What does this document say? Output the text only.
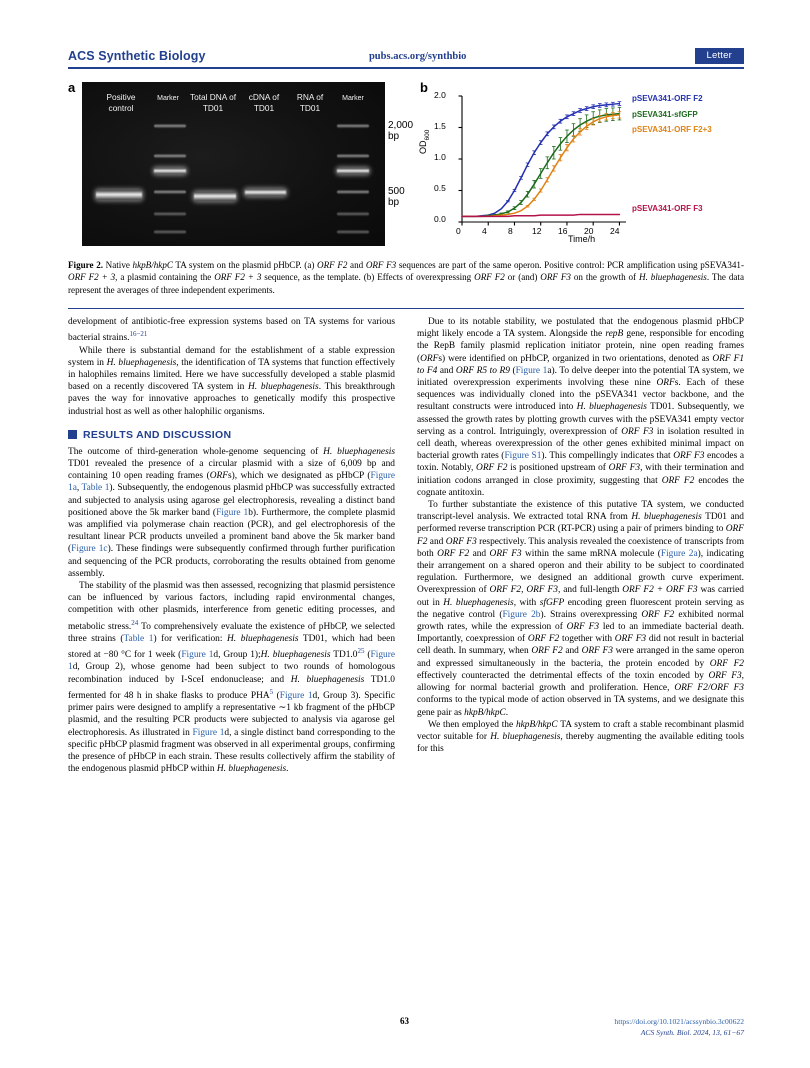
ACS Synthetic Biology	pubs.acs.org/synthbio	Letter
a
Positive control
Marker	Total DNA of TD01
cDNA of TD01
RNA of TD01
Marker
2,000 bp
500 bp
b
$OD_{600}$
Time/h
2.0
1.5
1.0
0.5
0.0
0	4	8 12 16 20 24
pSEVA341-ORF F2
pSEVA341-sfGFP
pSEVA341-ORF F2+3
pSEVA341-ORF F3
Figure 2. Native hkpB/hkpC TA system on the plasmid pHbCP. (a) ORF F2 and ORF F3 sequences are part of the same operon. Positive control: PCR amplification using pSEVA341-ORF F2 + 3, a plasmid containing the ORF F2 + 3 sequence, as the template. (b) Effects of overexpressing ORF F2 or (and) ORF F3 on the growth of H. bluephagenesis. The data represent the averages of three independent experiments.

development of antibiotic-free expression systems based on TA systems for various bacterial strains.$^{16-21}$

While there is substantial demand for the establishment of a stable expression system in H. bluephagenesis, the identification of TA systems that function effectively in halophiles remains limited. Here we have successfully developed a stable plasmid based on a recently discovered TA system in H. bluephagenesis. This breakthrough paves the way for innovative approaches to genetically modify this prospective industrial host as well as other halophilic organisms.

RESULTS AND DISCUSSION

The outcome of third-generation whole-genome sequencing of H. bluephagenesis TD01 revealed the presence of a circular plasmid with a size of 6,009 bp and containing 10 open reading frames (ORFs), which we designated as pHbCP (Figure 1a, Table 1). Subsequently, the endogenous plasmid pHbCP was successfully extracted and subjected to analysis using agarose gel electrophoresis, revealing a distinct band positioned above the 5k marker band (Figure 1b). Furthermore, the complete plasmid was amplified via polymerase chain reaction (PCR), and gel electrophoresis of the resultant linear PCR products unveiled a prominent band above the 5k marker band (Figure 1c). These findings were subsequently confirmed through further purification and sequencing of the PCR products, corroborating the results obtained from genome assembly.

The stability of the plasmid was then assessed, recognizing that plasmid persistence can be influenced by various factors, including rapid environmental changes, competition with other plasmids, interference from genetic editing processes, and metabolic stress.$^{24}$ To comprehensively evaluate the existence of pHbCP, we selected three strains (Table 1) for verification: H. bluephagenesis TD01, which had been stored at −80 °C for 1 week (Figure 1d, Group 1);H. bluephagenesis $TD1.0^{25}$ (Figure 1d, Group 2), whose genome had been subject to two rounds of homologous recombination induced by I-SceI endonuclease; and H. bluephagenesis TD1.0 fermented for 48 h in shake flasks to produce PHA$^5$ (Figure 1d, Group 3). Specific primer pairs were designed to amplify a representative ∼1 kb fragment of the pHbCP plasmid, and the resulting PCR products were subjected to analysis via agarose gel electrophoresis. As illustrated in Figure 1d, a single distinct band corresponding to the specific pHbCP plasmid fragment was observed in all experimental groups, confirming the presence of pHbCP in each strain. These results collectively affirm the stability of the endogenous plasmid pHbCP within H. bluephagenesis.

Due to its notable stability, we postulated that the endogenous plasmid pHbCP might likely encode a TA system. Alongside the repB gene, responsible for encoding the RepB family plasmid replication initiator protein, nine open reading frames (ORFs) were identified on pHbCP, organized in two orientations, denoted as ORF F1 to F4 and ORF R5 to R9 (Figure 1a). To delve deeper into the potential TA system, we initiated overexpression experiments involving these nine ORFs. Each of these sequences was individually cloned into the pSEVA341 vector backbone, and the resultant constructs were introduced into H. bluephagenesis TD01. Subsequently, we assessed the growth rates by plotting growth curves with the pSEVA341 empty vector serving as a control. Intriguingly, overexpression of ORF F3 in isolation resulted in cell death, whereas overexpression of the other genes exhibited minimal impact on bacterial growth rates (Figure S1). This compellingly indicates that ORF F3 encodes a toxin. Notably, ORF F2 is positioned upstream of ORF F3, with their termination and initiation codons arranged in close proximity, suggesting that ORF F2 encodes the cognate antitoxin.

To further substantiate the existence of this putative TA system, we conducted transcript-level analysis. We extracted total RNA from H. bluephagenesis TD01 and performed reverse transcription PCR (RT-PCR) using a pair of primers binding to ORF F2 and ORF F3 respectively. This analysis revealed the coexistence of transcripts from both ORF F2 and ORF F3 within the same mRNA molecule (Figure 2a), indicating their arrangement on a shared operon and their ability to be subject to coordinated regulation. Furthermore, we designed an additional growth curve experiment. Overexpression of ORF F2, ORF F3, and full-length ORF F2 + ORF F3 was carried out in H. bluephagenesis, with sfGFP encoding green fluorescent protein serving as the negative control (Figure 2b). Strains overexpressing ORF F2 exhibited normal growth rates, while the expression of ORF F3 led to an immediate bacterial death. Importantly, coexpression of ORF F2 together with ORF F3 did not result in bacterial cell death. In summary, when ORF F2 and ORF F3 were arranged in the same operon and expressed simultaneously in the bacteria, the protein encoded by ORF F2 effectively counteracted the detrimental effects of the toxin encoded by ORF F3, allowing for normal bacterial growth and proliferation. Hence, ORF F2/ORF F3 conforms to the typical mode of action observed in TA systems, and we designate this gene pair as hkpB/hkpC.

We then employed the hkpB/hkpC TA system to craft a stable recombinant plasmid vector suitable for H. bluephagenesis, thereby augmenting the available editing tools for this

63	https://doi.org/10.1021/acssynbio.3c00622
ACS Synth. Biol. 2024, 13, 61−67
